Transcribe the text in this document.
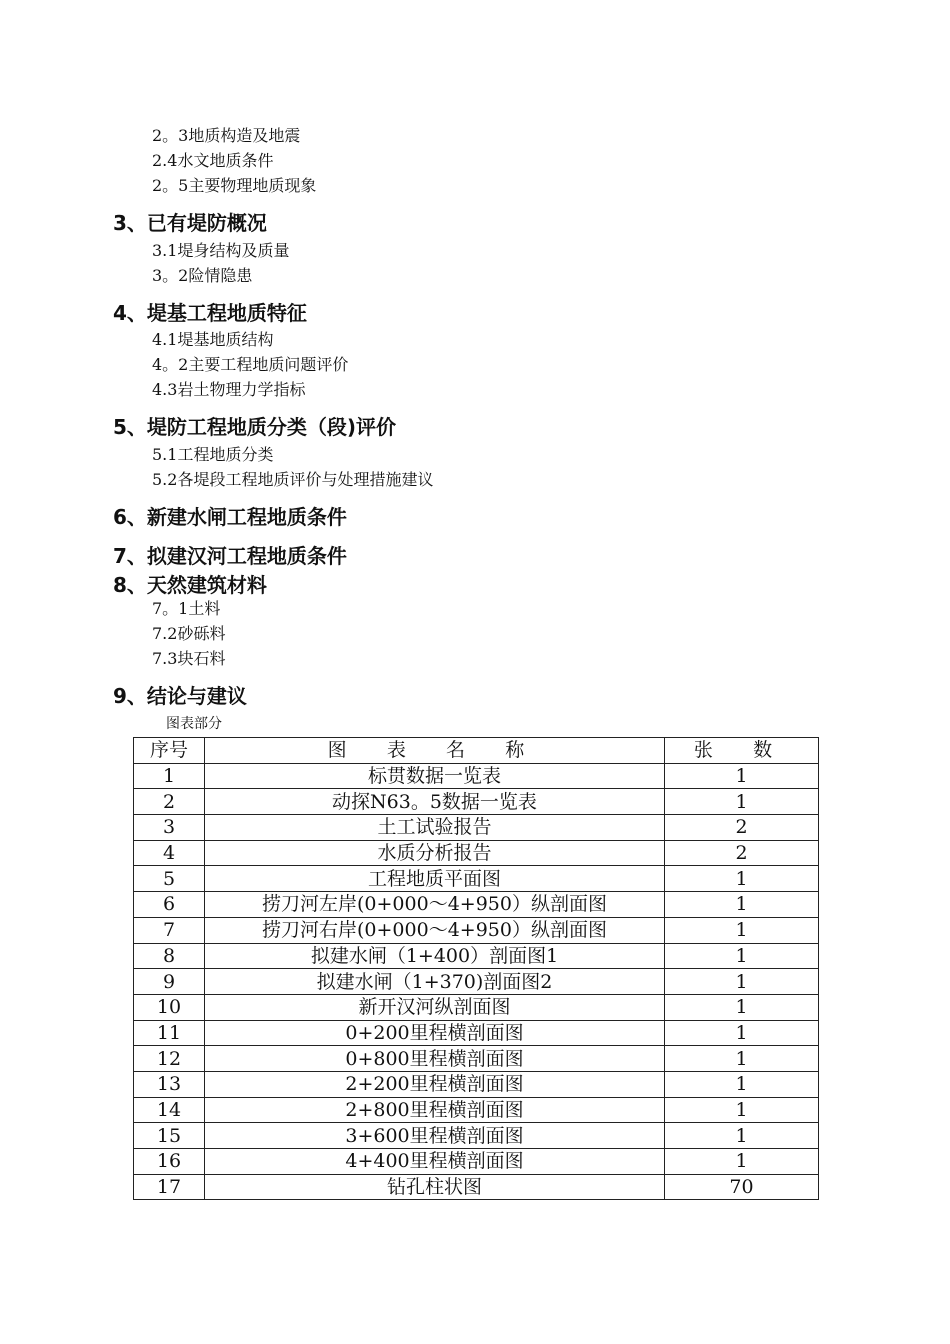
2。3地质构造及地震
2.4水文地质条件
2。5主要物理地质现象
3、已有堤防概况
3.1堤身结构及质量
3。2险情隐患
4、堤基工程地质特征
4.1堤基地质结构
4。2主要工程地质问题评价
4.3岩土物理力学指标
5、堤防工程地质分类（段)评价
5.1工程地质分类
5.2各堤段工程地质评价与处理措施建议
6、新建水闸工程地质条件
7、拟建汉河工程地质条件
8、天然建筑材料
7。1土料
7.2砂砾料
7.3块石料
9、结论与建议
图表部分
序号	图 表 名 称	张 数
1	标贯数据一览表	1
2	动探N63。5数据一览表	1
3	土工试验报告	2
4	水质分析报告	2
5	工程地质平面图	1
6	捞刀河左岸(0+000～4+950）纵剖面图	1
7	捞刀河右岸(0+000～4+950）纵剖面图	1
8	拟建水闸（1+400）剖面图1	1
9	拟建水闸（1+370)剖面图2	1
10	新开汉河纵剖面图	1
11	0+200里程横剖面图	1
12	0+800里程横剖面图	1
13	2+200里程横剖面图	1
14	2+800里程横剖面图	1
15	3+600里程横剖面图	1
16	4+400里程横剖面图	1
17	钻孔柱状图	70
